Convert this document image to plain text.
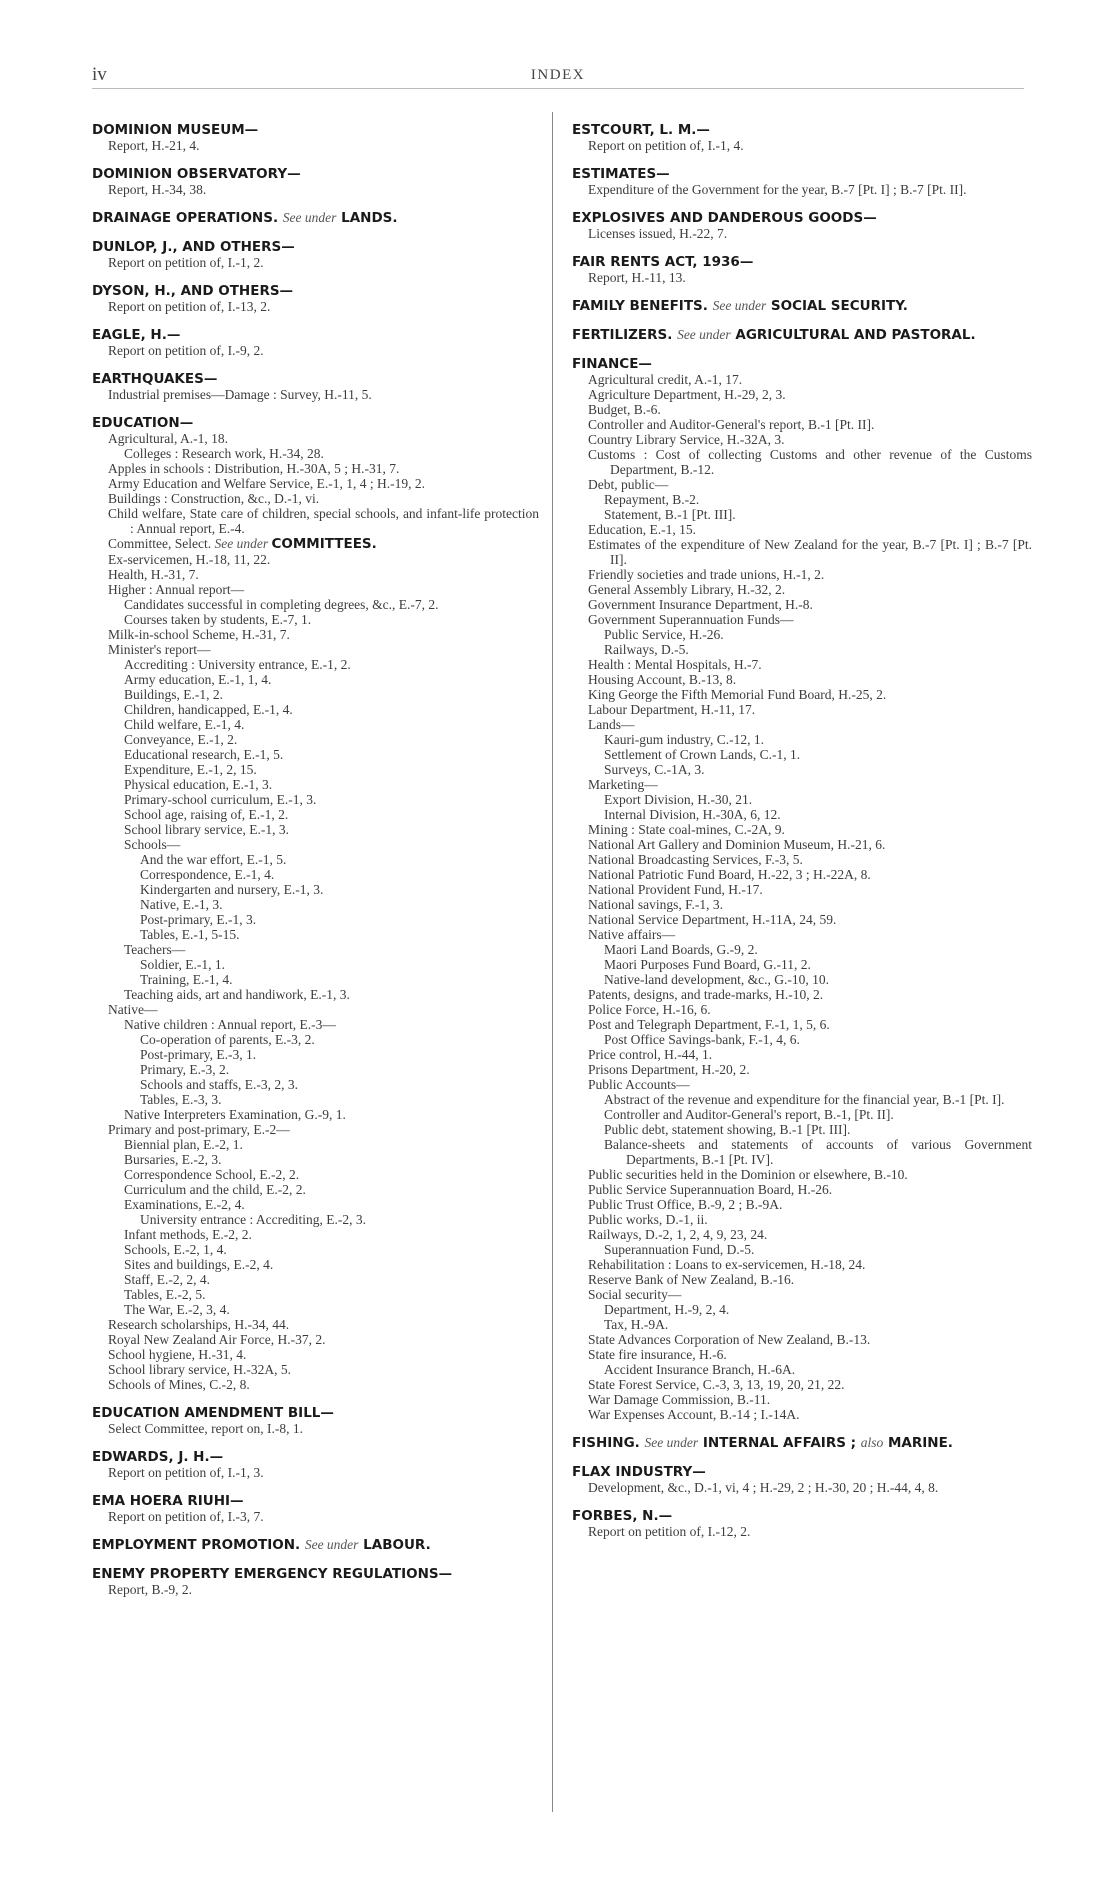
iv	INDEX
DOMINION MUSEUM—
Report, H.-21, 4.
DOMINION OBSERVATORY—
Report, H.-34, 38.
DRAINAGE OPERATIONS. See under LANDS.
DUNLOP, J., AND OTHERS—
Report on petition of, I.-1, 2.
DYSON, H., AND OTHERS—
Report on petition of, I.-13, 2.
EAGLE, H.—
Report on petition of, I.-9, 2.
EARTHQUAKES—
Industrial premises—Damage : Survey, H.-11, 5.
EDUCATION—
Agricultural, A.-1, 18.
Colleges : Research work, H.-34, 28.
Apples in schools : Distribution, H.-30A, 5 ; H.-31, 7.
Army Education and Welfare Service, E.-1, 1, 4 ; H.-19, 2.
Buildings : Construction, &c., D.-1, vi.
Child welfare, State care of children, special schools, and infant-life protection : Annual report, E.-4.
Committee, Select. See under COMMITTEES.
Ex-servicemen, H.-18, 11, 22.
Health, H.-31, 7.
Higher : Annual report—
Candidates successful in completing degrees, &c., E.-7, 2.
Courses taken by students, E.-7, 1.
Milk-in-school Scheme, H.-31, 7.
Minister's report—
Accrediting : University entrance, E.-1, 2.
Army education, E.-1, 1, 4.
Buildings, E.-1, 2.
Children, handicapped, E.-1, 4.
Child welfare, E.-1, 4.
Conveyance, E.-1, 2.
Educational research, E.-1, 5.
Expenditure, E.-1, 2, 15.
Physical education, E.-1, 3.
Primary-school curriculum, E.-1, 3.
School age, raising of, E.-1, 2.
School library service, E.-1, 3.
Schools—
And the war effort, E.-1, 5.
Correspondence, E.-1, 4.
Kindergarten and nursery, E.-1, 3.
Native, E.-1, 3.
Post-primary, E.-1, 3.
Tables, E.-1, 5-15.
Teachers—
Soldier, E.-1, 1.
Training, E.-1, 4.
Teaching aids, art and handiwork, E.-1, 3.
Native—
Native children : Annual report, E.-3—
Co-operation of parents, E.-3, 2.
Post-primary, E.-3, 1.
Primary, E.-3, 2.
Schools and staffs, E.-3, 2, 3.
Tables, E.-3, 3.
Native Interpreters Examination, G.-9, 1.
Primary and post-primary, E.-2—
Biennial plan, E.-2, 1.
Bursaries, E.-2, 3.
Correspondence School, E.-2, 2.
Curriculum and the child, E.-2, 2.
Examinations, E.-2, 4.
University entrance : Accrediting, E.-2, 3.
Infant methods, E.-2, 2.
Schools, E.-2, 1, 4.
Sites and buildings, E.-2, 4.
Staff, E.-2, 2, 4.
Tables, E.-2, 5.
The War, E.-2, 3, 4.
Research scholarships, H.-34, 44.
Royal New Zealand Air Force, H.-37, 2.
School hygiene, H.-31, 4.
School library service, H.-32A, 5.
Schools of Mines, C.-2, 8.
EDUCATION AMENDMENT BILL—
Select Committee, report on, I.-8, 1.
EDWARDS, J. H.—
Report on petition of, I.-1, 3.
EMA HOERA RIUHI—
Report on petition of, I.-3, 7.
EMPLOYMENT PROMOTION. See under LABOUR.
ENEMY PROPERTY EMERGENCY REGULATIONS—
Report, B.-9, 2.
ESTCOURT, L. M.—
Report on petition of, I.-1, 4.
ESTIMATES—
Expenditure of the Government for the year, B.-7 [Pt. I] ; B.-7 [Pt. II].
EXPLOSIVES AND DANDEROUS GOODS—
Licenses issued, H.-22, 7.
FAIR RENTS ACT, 1936—
Report, H.-11, 13.
FAMILY BENEFITS. See under SOCIAL SECURITY.
FERTILIZERS. See under AGRICULTURAL AND PASTORAL.
FINANCE—
Agricultural credit, A.-1, 17.
Agriculture Department, H.-29, 2, 3.
Budget, B.-6.
Controller and Auditor-General's report, B.-1 [Pt. II].
Country Library Service, H.-32A, 3.
Customs : Cost of collecting Customs and other revenue of the Customs Department, B.-12.
Debt, public—
Repayment, B.-2.
Statement, B.-1 [Pt. III].
Education, E.-1, 15.
Estimates of the expenditure of New Zealand for the year, B.-7 [Pt. I] ; B.-7 [Pt. II].
Friendly societies and trade unions, H.-1, 2.
General Assembly Library, H.-32, 2.
Government Insurance Department, H.-8.
Government Superannuation Funds—
Public Service, H.-26.
Railways, D.-5.
Health : Mental Hospitals, H.-7.
Housing Account, B.-13, 8.
King George the Fifth Memorial Fund Board, H.-25, 2.
Labour Department, H.-11, 17.
Lands—
Kauri-gum industry, C.-12, 1.
Settlement of Crown Lands, C.-1, 1.
Surveys, C.-1A, 3.
Marketing—
Export Division, H.-30, 21.
Internal Division, H.-30A, 6, 12.
Mining : State coal-mines, C.-2A, 9.
National Art Gallery and Dominion Museum, H.-21, 6.
National Broadcasting Services, F.-3, 5.
National Patriotic Fund Board, H.-22, 3 ; H.-22A, 8.
National Provident Fund, H.-17.
National savings, F.-1, 3.
National Service Department, H.-11A, 24, 59.
Native affairs—
Maori Land Boards, G.-9, 2.
Maori Purposes Fund Board, G.-11, 2.
Native-land development, &c., G.-10, 10.
Patents, designs, and trade-marks, H.-10, 2.
Police Force, H.-16, 6.
Post and Telegraph Department, F.-1, 1, 5, 6.
Post Office Savings-bank, F.-1, 4, 6.
Price control, H.-44, 1.
Prisons Department, H.-20, 2.
Public Accounts—
Abstract of the revenue and expenditure for the financial year, B.-1 [Pt. I].
Controller and Auditor-General's report, B.-1, [Pt. II].
Public debt, statement showing, B.-1 [Pt. III].
Balance-sheets and statements of accounts of various Government Departments, B.-1 [Pt. IV].
Public securities held in the Dominion or elsewhere, B.-10.
Public Service Superannuation Board, H.-26.
Public Trust Office, B.-9, 2 ; B.-9A.
Public works, D.-1, ii.
Railways, D.-2, 1, 2, 4, 9, 23, 24.
Superannuation Fund, D.-5.
Rehabilitation : Loans to ex-servicemen, H.-18, 24.
Reserve Bank of New Zealand, B.-16.
Social security—
Department, H.-9, 2, 4.
Tax, H.-9A.
State Advances Corporation of New Zealand, B.-13.
State fire insurance, H.-6.
Accident Insurance Branch, H.-6A.
State Forest Service, C.-3, 3, 13, 19, 20, 21, 22.
War Damage Commission, B.-11.
War Expenses Account, B.-14 ; I.-14A.
FISHING. See under INTERNAL AFFAIRS ; also MARINE.
FLAX INDUSTRY—
Development, &c., D.-1, vi, 4 ; H.-29, 2 ; H.-30, 20 ; H.-44, 4, 8.
FORBES, N.—
Report on petition of, I.-12, 2.
